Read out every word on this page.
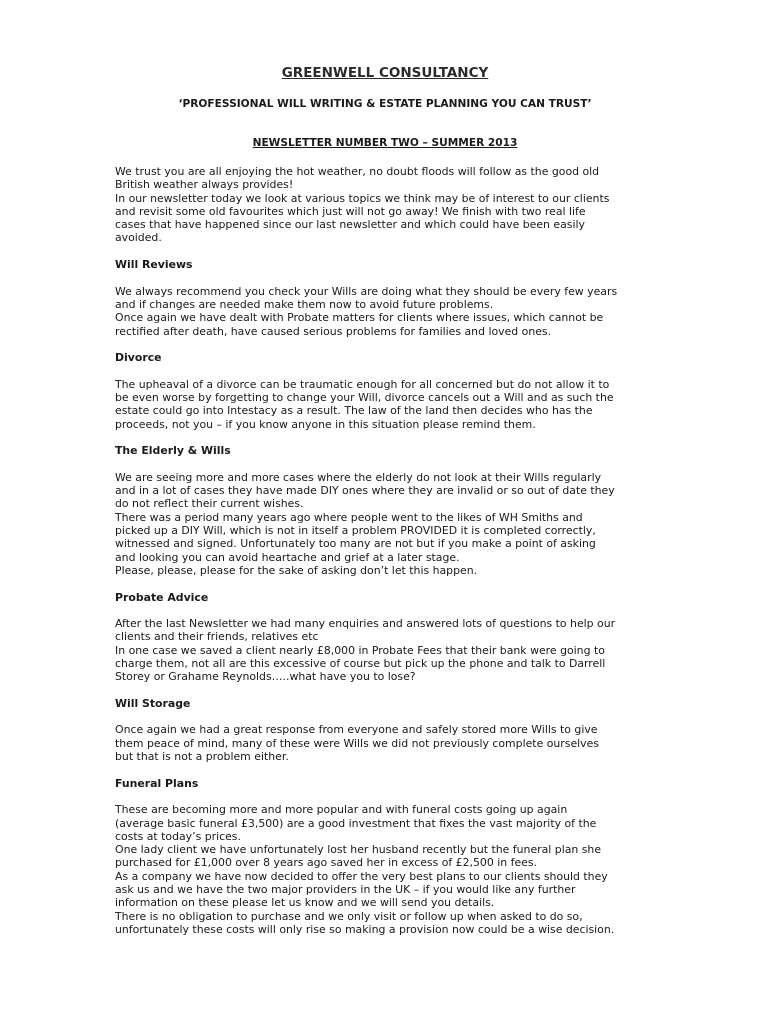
GREENWELL CONSULTANCY

‘PROFESSIONAL WILL WRITING & ESTATE PLANNING YOU CAN TRUST’

NEWSLETTER NUMBER TWO – SUMMER 2013

We trust you are all enjoying the hot weather, no doubt floods will follow as the good old
British weather always provides!
In our newsletter today we look at various topics we think may be of interest to our clients
and revisit some old favourites which just will not go away! We finish with two real life
cases that have happened since our last newsletter and which could have been easily
avoided.

Will Reviews

We always recommend you check your Wills are doing what they should be every few years
and if changes are needed make them now to avoid future problems.
Once again we have dealt with Probate matters for clients where issues, which cannot be
rectified after death, have caused serious problems for families and loved ones.

Divorce

The upheaval of a divorce can be traumatic enough for all concerned but do not allow it to
be even worse by forgetting to change your Will, divorce cancels out a Will and as such the
estate could go into Intestacy as a result. The law of the land then decides who has the
proceeds, not you – if you know anyone in this situation please remind them.

The Elderly & Wills

We are seeing more and more cases where the elderly do not look at their Wills regularly
and in a lot of cases they have made DIY ones where they are invalid or so out of date they
do not reflect their current wishes.
There was a period many years ago where people went to the likes of WH Smiths and
picked up a DIY Will, which is not in itself a problem PROVIDED it is completed correctly,
witnessed and signed. Unfortunately too many are not but if you make a point of asking
and looking you can avoid heartache and grief at a later stage.
Please, please, please for the sake of asking don’t let this happen.

Probate Advice

After the last Newsletter we had many enquiries and answered lots of questions to help our
clients and their friends, relatives etc
In one case we saved a client nearly £8,000 in Probate Fees that their bank were going to
charge them, not all are this excessive of course but pick up the phone and talk to Darrell
Storey or Grahame Reynolds…..what have you to lose?

Will Storage

Once again we had a great response from everyone and safely stored more Wills to give
them peace of mind, many of these were Wills we did not previously complete ourselves
but that is not a problem either.

Funeral Plans

These are becoming more and more popular and with funeral costs going up again
(average basic funeral £3,500) are a good investment that fixes the vast majority of the
costs at today’s prices.
One lady client we have unfortunately lost her husband recently but the funeral plan she
purchased for £1,000 over 8 years ago saved her in excess of £2,500 in fees.
As a company we have now decided to offer the very best plans to our clients should they
ask us and we have the two major providers in the UK – if you would like any further
information on these please let us know and we will send you details.
There is no obligation to purchase and we only visit or follow up when asked to do so,
unfortunately these costs will only rise so making a provision now could be a wise decision.
